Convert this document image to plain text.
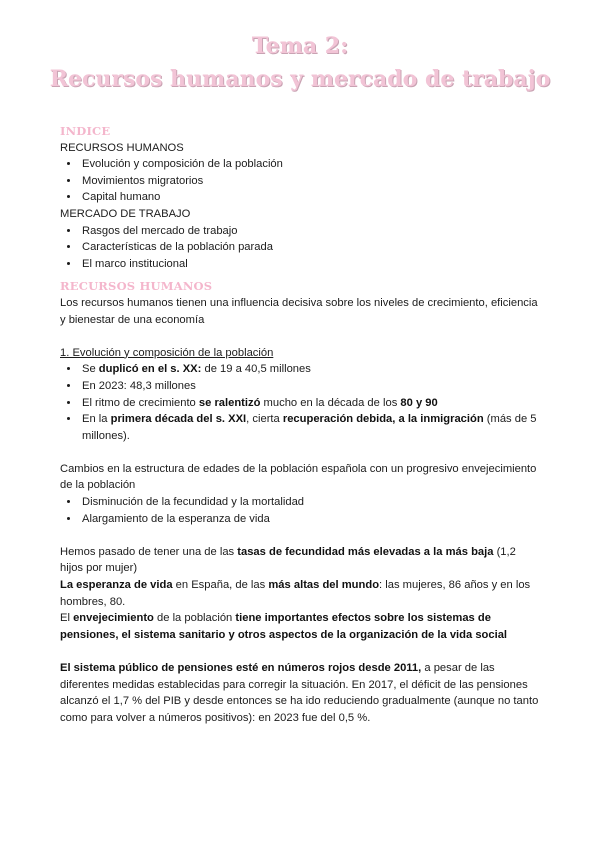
Tema 2:
Recursos humanos y mercado de trabajo
INDICE

RECURSOS HUMANOS

• Evolución y composición de la población
• Movimientos migratorios
• Capital humano

MERCADO DE TRABAJO

• Rasgos del mercado de trabajo
• Características de la población parada
• El marco institucional
RECURSOS HUMANOS

Los recursos humanos tienen una influencia decisiva sobre los niveles de crecimiento, eficiencia y bienestar de una economía

1. Evolución y composición de la población

• Se duplicó en el s. XX: de 19 a 40,5 millones
• En 2023: 48,3 millones
• El ritmo de crecimiento se ralentizó mucho en la década de los 80 y 90
• En la primera década del s. XXI, cierta recuperación debida, a la inmigración (más de 5 millones).

Cambios en la estructura de edades de la población española con un progresivo envejecimiento de la población

• Disminución de la fecundidad y la mortalidad
• Alargamiento de la esperanza de vida

Hemos pasado de tener una de las tasas de fecundidad más elevadas a la más baja (1,2 hijos por mujer)

La esperanza de vida en España, de las más altas del mundo: las mujeres, 86 años y en los hombres, 80.

El envejecimiento de la población tiene importantes efectos sobre los sistemas de pensiones, el sistema sanitario y otros aspectos de la organización de la vida social

El sistema público de pensiones esté en números rojos desde 2011, a pesar de las diferentes medidas establecidas para corregir la situación. En 2017, el déficit de las pensiones alcanzó el 1,7 % del PIB y desde entonces se ha ido reduciendo gradualmente (aunque no tanto como para volver a números positivos): en 2023 fue del 0,5 %.
